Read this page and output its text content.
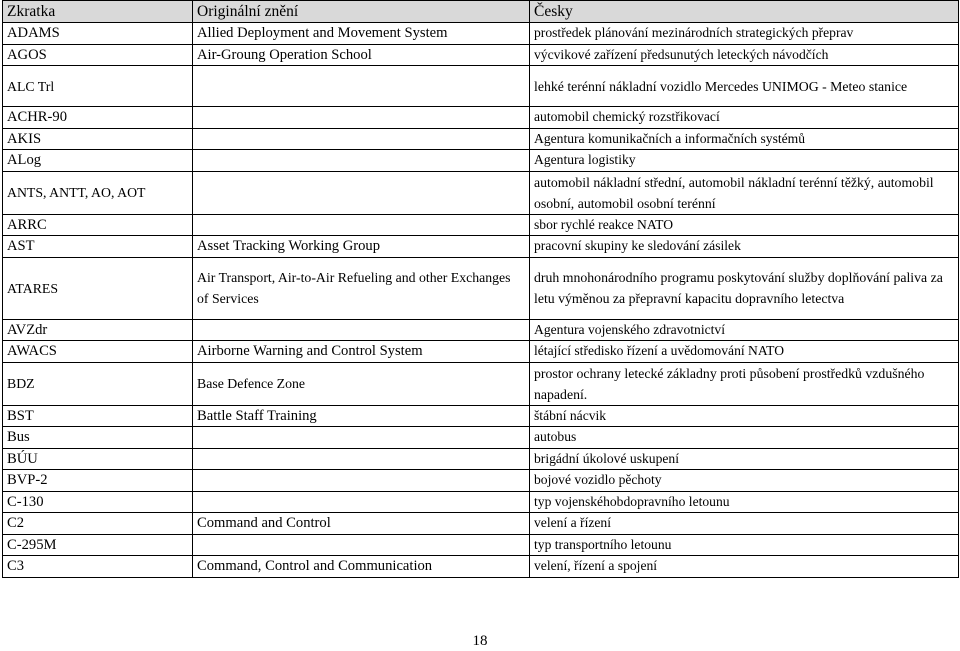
Zkratka	Originální znění	Česky
ADAMS	Allied Deployment and Movement System	prostředek plánování mezinárodních strategických přeprav
AGOS	Air-Groung Operation School	výcvikové zařízení předsunutých leteckých návodčích
ALC Trl		lehké terénní nákladní vozidlo Mercedes UNIMOG - Meteo stanice
ACHR-90		automobil chemický rozstřikovací
AKIS		Agentura komunikačních a informačních systémů
ALog		Agentura logistiky
ANTS, ANTT, AO, AOT		automobil nákladní střední, automobil nákladní terénní těžký, automobil osobní, automobil osobní terénní
ARRC		sbor rychlé reakce NATO
AST	Asset Tracking Working Group	pracovní skupiny ke sledování zásilek
ATARES	Air Transport, Air-to-Air Refueling and other Exchanges of Services	druh mnohonárodního programu poskytování služby doplňování paliva za letu výměnou za přepravní kapacitu dopravního letectva
AVZdr		Agentura vojenského zdravotnictví
AWACS	Airborne Warning and Control System	létající středisko řízení a uvědomování NATO
BDZ	Base Defence Zone	prostor ochrany letecké základny proti působení prostředků vzdušného napadení.
BST	Battle Staff Training	štábní nácvik
Bus		autobus
BÚU		brigádní úkolové uskupení
BVP-2		bojové vozidlo pěchoty
C-130		typ vojenskéhobdopravního letounu
C2	Command and Control	velení a řízení
C-295M		typ transportního letounu
C3	Command, Control and Communication	velení, řízení a spojení
18
